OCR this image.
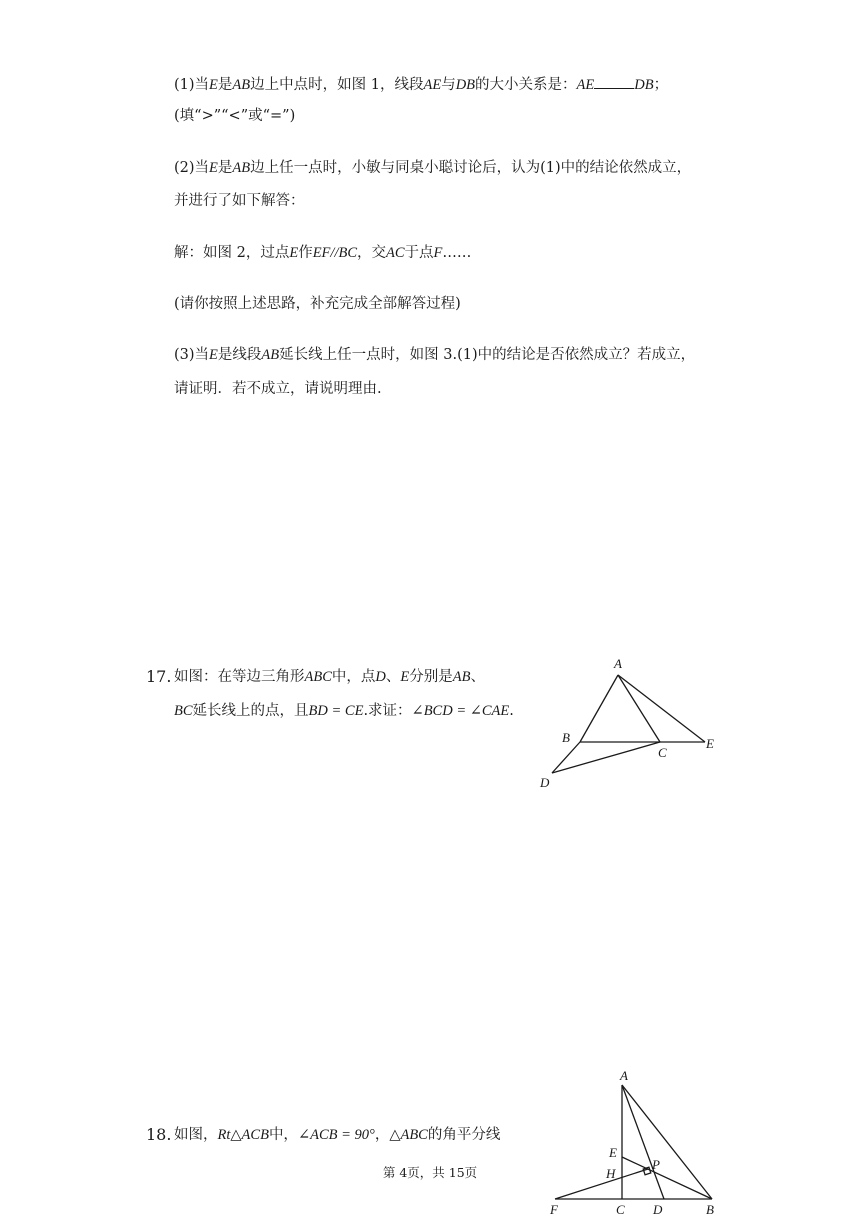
(1)当E是AB边上中点时，如图 1，线段AE与DB的大小关系是：AE	DB；
(填“>”“<”或“=”)
(2)当E是AB边上任一点时，小敏与同桌小聪讨论后，认为(1)中的结论依然成立，
并进行了如下解答：
解：如图 2，过点E作EF//BC，交AC于点F……
(请你按照上述思路，补充完成全部解答过程)
(3)当E是线段AB延长线上任一点时，如图 3.(1)中的结论是否依然成立？若成立，
请证明．若不成立，请说明理由.
17. 如图：在等边三角形ABC中，点D、E分别是AB、
BC延长线上的点，且BD = CE.求证：∠BCD = ∠CAE.
A
B
C
D
E
18. 如图，Rt△ACB中，∠ACB = 90°，△ABC的角平分线
A
E
H
P
F	C D	B
第 4页，共 15页
